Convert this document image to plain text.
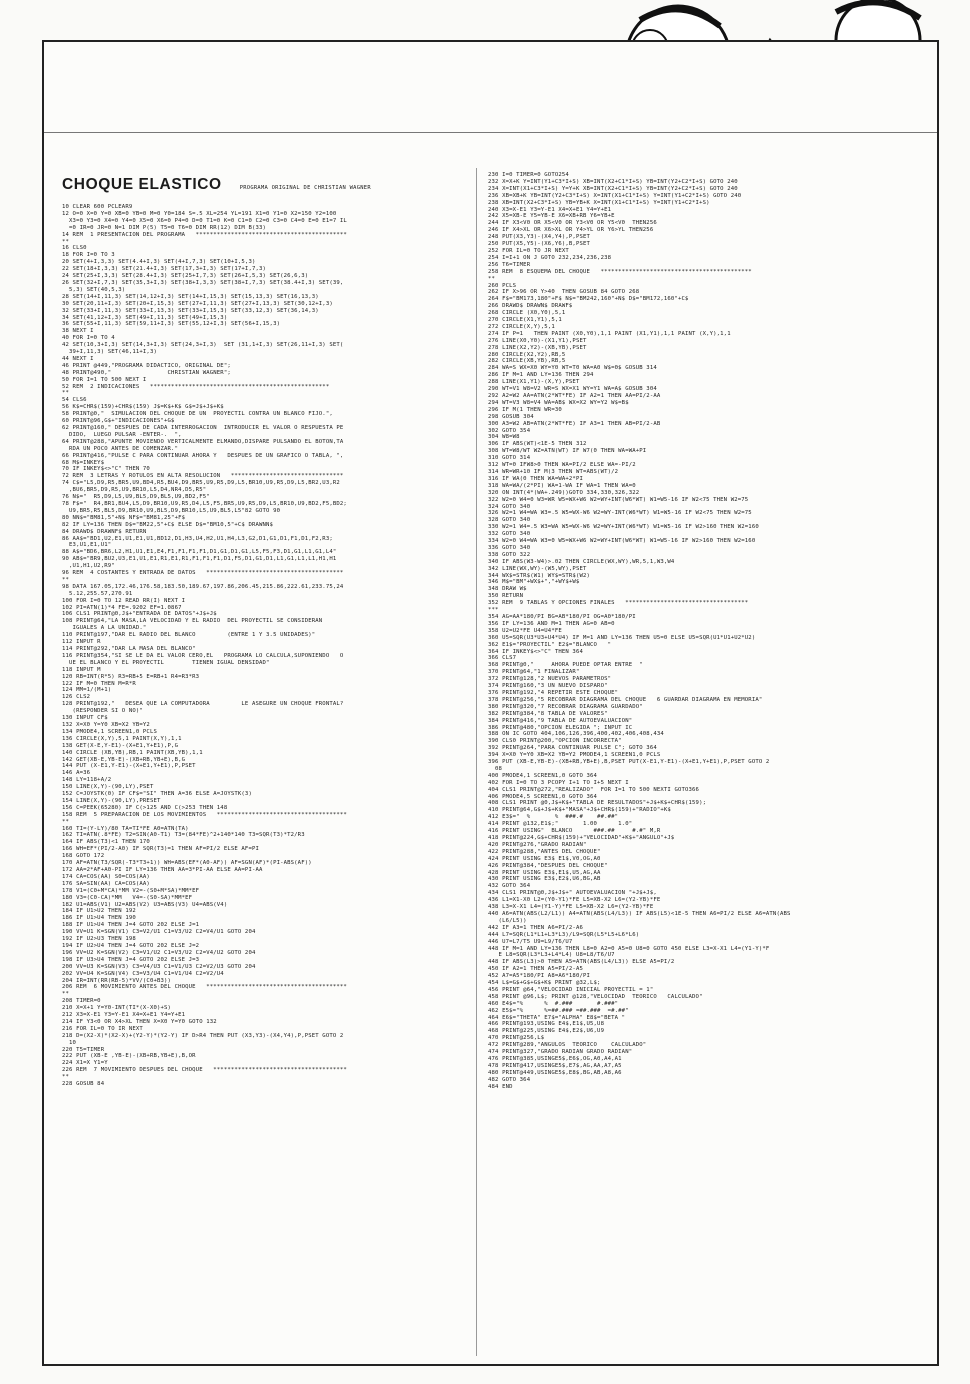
CHOQUE ELASTICO	PROGRAMA ORIGINAL DE CHRISTIAN WAGNER
10 CLEAR 600 PCLEAR9
12 O=0 X=0 Y=0 XB=0 YB=0 M=0 Y0=184 S=.5 XL=254 YL=191 X1=0 Y1=0 X2=150 Y2=100
X3=0 Y3=0 X4=0 Y4=0 X5=0 X6=0 P4=0 D=0 T1=0 K=0 C1=0 C2=0 C3=0 C4=0 E=0 E1=7 IL
=0 IR=0 JR=0 N=1 DIM P(5) T5=0 T6=0 DIM RR(12) DIM B(33)
14 REM  1 PRESENTACION DEL PROGRAMA   *******************************************
**
16 CLS0
18 FOR I=0 TO 3
20 SET(4+I,3,3) SET(4.4+I,3) SET(4+I,7,3) SET(10+I,5,3)
22 SET(18+I,3,3) SET(21.4+I,3) SET(17,3+I,3) SET(17+I,7,3)
24 SET(25+I,3,3) SET(28.4+I,3) SET(25+I,7,3) SET(26+I,5,3) SET(26,6,3)
26 SET(32+I,7,3) SET(35,3+I,3) SET(38+I,3,3) SET(38+I,7,3) SET(38.4+I,3) SET(39,
5,3) SET(40,5,3)
28 SET(14+I,11,3) SET(14,12+I,3) SET(14+I,15,3) SET(15,13,3) SET(16,13,3)
30 SET(20,11+I,3) SET(20+I,15,3) SET(27+I,11,3) SET(27+I,13,3) SET(30,12+I,3)
32 SET(33+I,11,3) SET(33+I,13,3) SET(33+I,15,3) SET(33,12,3) SET(36,14,3)
34 SET(41,12+I,3) SET(49+I,11,3) SET(49+I,15,3)
36 SET(55+I,11,3) SET(59,11+I,3) SET(55,12+I,3) SET(56+I,15,3)
38 NEXT I
40 FOR I=0 TO 4
42 SET(10,3+I,3) SET(14,3+I,3) SET(24,3+I,3)  SET (31,1+I,3) SET(26,11+I,3) SET(
39+I,11,3) SET(46,11+I,3)
44 NEXT I
46 PRINT @449,"PROGRAMA DIDACTICO, ORIGINAL DE";
48 PRINT@490,"                CHRISTIAN WAGNER";
50 FOR I=1 TO 500 NEXT I
52 REM  2 INDICACIONES   ***************************************************
**
54 CLS6
56 K$=CHR$(159)+CHR$(159) J$=K$+K$ G$=J$+J$+K$
58 PRINT@0,"  SIMULACION DEL CHOQUE DE UN  PROYECTIL CONTRA UN BLANCO FIJO.",
60 PRINT@96,G$+"INDICACIONES"+G$
62 PRINT@160," DESPUES DE CADA INTERROGACION  INTRODUCIR EL VALOR O RESPUESTA PE
DIDO,  LUEGO PULSAR -ENTER-.  ",
64 PRINT@288,"APUNTE MOVIENDO VERTICALMENTE ELMANDO,DISPARE PULSANDO EL BOTON,TA
RDA UN POCO ANTES DE COMENZAR."
66 PRINT@416,"PULSE C PARA CONTINUAR AHORA Y   DESPUES DE UN GRAFICO O TABLA, ",
68 M$=INKEY$
70 IF INKEY$<>"C" THEN 70
72 REM  3 LETRAS Y ROTULOS EN ALTA RESOLUCION   ********************************
74 C$="L5,D9,R5,BR5,U9,BD4,R5,BU4,D9,BR5,U9,R5,D9,L5,BR10,U9,R5,D9,L5,BR2,U3,R2
,BU6,BR5,D9,R5,U9,BR10,L5,D4,NR4,D5,R5"
76 N$="  R5,D9,L5,U9,BL5,D9,BL5,U9,BD2,F5"
78 F$="  R4,BR1,BU4,L5,D9,BR10,U9,R5,D4,L5,F5,BR5,U9,R5,D9,L5,BR10,U9,BD2,F5,BD2;
U9,BR5,R5,BL5,D9,BR10,U9,BL5,D9,BR10,L5,U9,BL5,L5"82 GOTO 90
80 NN$="BM81,5"+N$ NF$="BM81,25"+F$
82 IF LY=136 THEN D$="BM22,5"+C$ ELSE D$="BM10,5"+C$ DRAWNN$
84 DRAWD$ DRAWNF$ RETURN
86 AA$="BD1,U2,E1,U1,E1,U1,BD12,D1,H3,U4,H2,U1,H4,L3,G2,D1,G1,D1,F1,D1,F2,R3;
E3,U1,E1,U1"
88 A$="BD6,BR6,L2,H1,U1,E1,E4,F1,F1,F1,F1,D1,G1,D1,G1,L5,F5,F3,D1,G1,L1,G1,L4"
90 AB$="BR9,BU2,U3,E1,U1,E1,R1,E1,R1,F1,F1,F1,D1,F5,D1,G1,D1,L1,G1,L1,L1,H1,H1
,U1,H1,U2,R9"
96 REM  4 COSTANTES Y ENTRADA DE DATOS   ***************************************
**
98 DATA 167.05,172.46,176.58,183.50,189.67,197.86,206.45,215.86,222.61,233.75,24
5.12,255.57,270.91
100 FOR I=0 TO 12 READ RR(I) NEXT I
102 PI=ATN(1)*4 FE=.9202 EF=1.0867
106 CLS1 PRINT@0,J$+"ENTRADA DE DATOS"+J$+J$
108 PRINT@64,"LA MASA,LA VELOCIDAD Y EL RADIO  DEL PROYECTIL SE CONSIDERAN
IGUALES A LA UNIDAD."
110 PRINT@197,"DAR EL RADIO DEL BLANCO         (ENTRE 1 Y 3.5 UNIDADES)"
112 INPUT R
114 PRINT@292,"DAR LA MASA DEL BLANCO"
116 PRINT@354,"SI SE LE DA EL VALOR CERO,EL   PROGRAMA LO CALCULA,SUPONIENDO   O
UE EL BLANCO Y EL PROYECTIL        TIENEN IGUAL DENSIDAD"
118 INPUT M
120 RB=INT(R*5) R3=RB+5 E=RB+1 R4=R3*R3
122 IF M=0 THEN M=R*R
124 MM=1/(M+1)
126 CLS2
128 PRINT@192,"   DESEA QUE LA COMPUTADORA         LE ASEGURE UN CHOQUE FRONTAL?
(RESPONDER SI O NO)"
130 INPUT CF$
132 X=X0 Y=Y0 XB=X2 YB=Y2
134 PMODE4,1 SCREEN1,0 PCLS
136 CIRCLE(X,Y),5,1 PAINT(X,Y),1,1
138 GET(X-E,Y-E1)-(X+E1,Y+E1),P,G
140 CIRCLE (XB,YB),RB,1 PAINT(XB,YB),1,1
142 GET(XB-E,YB-E)-(XB+RB,YB+E),B,G
144 PUT (X-E1,Y-E1)-(X+E1,Y+E1),P,PSET
146 A=36
148 LY=118+A/2
150 LINE(X,Y)-(90,LY),PSET
152 C=JOYSTK(0) IF CF$="SI" THEN A=36 ELSE A=JOYSTK(3)
154 LINE(X,Y)-(90,LY),PRESET
156 C=PEEK(65280) IF C(>125 AND C(>253 THEN 148
158 REM  5 PREPARACION DE LOS MOVIMIENTOS   *************************************
**
160 TI=(Y-LY)/80 TA=TI*FE A0=ATN(TA)
162 TI=ATN(.8*FE) T2=SIN(A0-T1) T3=(84*FE)^2+140*140 T3=SQR(T3)*T2/R3
164 IF ABS(T3)<1 THEN 170
166 WH=EF*(PI/2-A0) IF SQR(T3)=1 THEN AF=PI/2 ELSE AF=PI
168 GOTO 172
170 AF=ATN(T3/SQR(-T3*T3+1)) WH=ABS(EF*(A0-AF)) AF=SGN(AF)*(PI-ABS(AF))
172 AA=2*AF+A0-PI IF LY=136 THEN AA=3*PI-AA ELSE AA=PI-AA
174 CA=COS(AA) S0=COS(AA)
176 SA=SIN(AA) CA=COS(AA)
178 V1=(C0+M*CA)*MM V2=-(S0+M*SA)*MM*EF
180 V3=(C0-CA)*MM   V4=-(S0-SA)*MM*EF
182 U1=ABS(V1) U2=ABS(V2) U3=ABS(V3) U4=ABS(V4)
184 IF U1>U2 THEN 192
186 IF U1>U4 THEN 190
188 IF U1>U4 THEN J=4 GOTO 202 ELSE J=1
190 VV=U1 K=SGN(V1) C3=V2/U1 C1=V3/U2 C2=V4/U1 GOTO 204
192 IF U2>U3 THEN 198
194 IF U2>U4 THEN J=4 GOTO 202 ELSE J=2
196 VV=U2 K=SGN(V2) C3=V1/U2 C1=V3/U2 C2=V4/U2 GOTO 204
198 IF U3>U4 THEN J=4 GOTO 202 ELSE J=3
200 VV=U3 K=SGN(V3) C3=V4/U3 C1=V1/U3 C2=V2/U3 GOTO 204
202 VV=U4 K=SGN(V4) C3=V3/U4 C1=V1/U4 C2=V2/U4
204 IR=INT(RR(RB-5)*VV/(C0+B3))
206 REM  6 MOVIMIENTO ANTES DEL CHOQUE   ****************************************
**
208 TIMER=0
210 X=X+1 Y=Y0-INT(TI*(X-X0)+S)
212 X3=X-E1 Y3=Y-E1 X4=X+E1 Y4=Y+E1
214 IF Y3<0 OR X4>XL THEN X=X0 Y=Y0 GOTO 132
216 FOR IL=0 TO IR NEXT
218 D=(X2-X)*(X2-X)+(Y2-Y)*(Y2-Y) IF D>R4 THEN PUT (X3,Y3)-(X4,Y4),P,PSET GOTO 2
10
220 T5=TIMER
222 PUT (XB-E ,YB-E)-(XB+RB,YB+E),B,OR
224 X1=X Y1=Y
226 REM  7 MOVIMIENTO DESPUES DEL CHOQUE   **************************************
**
228 GOSUB 84
230 I=0 TIMER=0 GOTO254
232 X=X+K Y=INT(Y1+C3*I+S) XB=INT(X2+C1*I+S) YB=INT(Y2+C2*I+S) GOTO 240
234 X=INT(X1+C3*I+S) Y=Y+K XB=INT(X2+C1*I+S) YB=INT(Y2+C2*I+S) GOTO 240
236 XB=XB+K YB=INT(Y2+C3*I+S) X=INT(X1+C1*I+S) Y=INT(Y1+C2*I+S) GOTO 240
238 XB=INT(X2+C3*I+S) YB=YB+K X=INT(X1+C1*I+S) Y=INT(Y1+C2*I+S)
240 X3=X-E1 Y3=Y-E1 X4=X+E1 Y4=Y+E1
242 X5=XB-E Y5=YB-E X6=XB+RB Y6=YB+E
244 IF X3<V0 OR X5<V0 OR Y3<V0 OR Y5<V0  THEN256
246 IF X4>XL OR X6>XL OR Y4>YL OR Y6>YL THEN256
248 PUT(X3,Y3)-(X4,Y4),P,PSET
250 PUT(X5,Y5)-(X6,Y6),B,PSET
252 FOR IL=0 TO JR NEXT
254 I=I+1 ON J GOTO 232,234,236,238
256 T6=TIMER
258 REM  8 ESQUEMA DEL CHOQUE   *******************************************
**
260 PCLS
262 IF X>96 OR Y>40  THEN GOSUB 84 GOTO 268
264 F$="BM173,180"+F$ N$="BM242,160"+N$ D$="BM172,160"+C$
266 DRAWD$ DRAWN$ DRAWF$
268 CIRCLE (X0,Y0),5,1
270 CIRCLE(X1,Y1),5,1
272 CIRCLE(X,Y),5,1
274 IF P=1   THEN PAINT (X0,Y0),1,1 PAINT (X1,Y1),1,1 PAINT (X,Y),1,1
276 LINE(X0,Y0)-(X1,Y1),PSET
278 LINE(X2,Y2)-(XB,YB),PSET
280 CIRCLE(X2,Y2),RB,5
282 CIRCLE(XB,YB),RB,5
284 WA=S WX=X0 WY=Y0 WT=T0 WA=A0 W$=0$ GOSUB 314
286 IF M=1 AND LY=136 THEN 294
288 LINE(X1,Y1)-(X,Y),PSET
290 WT=V1 W8=V2 WR=S WX=X1 WY=Y1 WA=A$ GOSUB 304
292 A2=W2 AA=ATN(2*WT*FE) IF A2=1 THEN AA=PI/2-AA
294 WT=V3 W8=V4 WA=AB$ WX=X2 WY=Y2 W$=B$
296 IF M(1 THEN WR=30
298 GOSUB 304
300 A3=W2 AB=ATN(2*WT*FE) IF A3=1 THEN AB=PI/2-AB
302 GOTO 354
304 W8=W8
306 IF ABS(WT)<1E-5 THEN 312
308 WT=W8/WT WZ=ATN(WT) IF W7(0 THEN WA=WA+PI
310 GOTO 314
312 WT=0 IFW8>0 THEN WA=PI/2 ELSE WA=-PI/2
314 WR=WR+10 IF M(3 THEN WT=ABS(WT)/2
316 IF WA(0 THEN WA=WA+2*PI
318 WA=WA/(2*PI) WA=1-WA IF WA=1 THEN WA=0
320 ON INT(4*(WA+.249))GOTO 334,330,326,322
322 W2=0 W4=0 W3=WR W5=WX+W6 W2=WY+INT(W6*WT) W1=W5-16 IF W2<75 THEN W2=75
324 GOTO 340
326 W2=1 W4=WA W3=.5 W5=WX-W6 W2=WY-INT(W6*WT) W1=W5-16 IF W2<75 THEN W2=75
328 GOTO 340
330 W2=1 W4=.5 W3=WA W5=WX-W6 W2=WY+INT(W6*WT) W1=W5-16 IF W2>160 THEN W2=160
332 GOTO 340
334 W2=0 W4=WA W3=0 W5=WX+W6 W2=WY+INT(W6*WT) W1=W5-16 IF W2>160 THEN W2=160
336 GOTO 340
338 GOTO 322
340 IF ABS(W3-W4)>.02 THEN CIRCLE(WX,WY),WR,5,1,W3,W4
342 LINE(WX,WY)-(W5,WY),PSET
344 WX$=STR$(W1) WY$=STR$(W2)
346 M$="BM"+WX$+","+WY$+W$
348 DRAW W$
350 RETURN
352 REM  9 TABLAS Y OPCIONES FINALES   ***********************************
***
354 AG=AA*180/PI BG=AB*180/PI OG=A0*180/PI
356 IF LY=136 AND M=1 THEN AG=0 AB=0
358 U2=U2*FE U4=U4*FE
360 U5=SQR(U3*U3+U4*U4) IF M=1 AND LY=136 THEN U5=0 ELSE U5=SQR(U1*U1+U2*U2)
362 E1$="PROYECTIL" E2$="BLANCO   "
364 IF INKEY$<>"C" THEN 364
366 CLS7
368 PRINT@0,"     AHORA PUEDE OPTAR ENTRE  "
370 PRINT@64,"1 FINALIZAR"
372 PRINT@128,"2 NUEVOS PARAMETROS"
374 PRINT@160,"3 UN NUEVO DISPARO"
376 PRINT@192,"4 REPETIR ESTE CHOQUE"
378 PRINT@256,"5 RECOBRAR DIAGRAMA DEL CHOQUE   6 GUARDAR DIAGRAMA EN MEMORIA"
380 PRINT@320,"7 RECOBRAR DIAGRAMA GUARDADO"
382 PRINT@384,"8 TABLA DE VALORES"
384 PRINT@416,"9 TABLA DE AUTOEVALUACION"
386 PRINT@480,"OPCION ELEGIDA "; INPUT IC
388 ON IC GOTO 404,106,126,396,400,402,406,408,434
390 CLS0 PRINT@200,"OPCION INCORRECTA"
392 PRINT@264,"PARA CONTINUAR PULSE C"; GOTO 364
394 X=X0 Y=Y0 XB=X2 YB=Y2 PMODE4,1 SCREEN1,0 PCLS
396 PUT (XB-E,YB-E)-(XB+RB,YB+E),B,PSET PUT(X-E1,Y-E1)-(X+E1,Y+E1),P,PSET GOTO 2
08
400 PMODE4,1 SCREEN1,0 GOTO 364
402 FOR I=0 TO 3 PCOPY I+1 TO I+5 NEXT I
404 CLS1 PRINT@272,"REALIZADO"  FOR I=1 TO 500 NEXTI GOTO366
406 PMODE4,5 SCREEN1,0 GOTO 364
408 CLS1 PRINT @0,J$+K$+"TABLA DE RESULTADOS"+J$+K$+CHR$(159);
410 PRINT@64,G$+J$+K$+"MASA"+J$+CHR$(159)+"RADIO"+K$
412 E3$="  %       %  ###.#    ##.##"
414 PRINT @132,E1$;"       1.00      1.0"
416 PRINT USING"  BLANCO      ###.##     #.#" M,R
418 PRINT@224,G$+CHR$(159)+"VELOCIDAD"+K$+"ANGULO"+J$
420 PRINT@276,"GRADO RADIAN"
422 PRINT@288,"ANTES DEL CHOQUE"
424 PRINT USING E3$ E1$,V0,OG,A0
426 PRINT@384,"DESPUES DEL CHOQUE"
428 PRINT USING E3$,E1$,U5,AG,AA
430 PRINT USING E3$,E2$,U6,BG,AB
432 GOTO 364
434 CLS1 PRINT@0,J$+J$+" AUTOEVALUACION "+J$+J$,
436 L1=X1-X0 L2=(Y0-Y1)*FE L5=XB-X2 L6=(Y2-YB)*FE
438 L3=X-X1 L4=(Y1-Y)*FE L5=XB-X2 L6=(Y2-YB)*FE
440 A6=ATN(ABS(L2/L1)) A4=ATN(ABS(L4/L3)) IF ABS(L5)<1E-5 THEN A6=PI/2 ELSE A6=ATN(ABS
(L6/L5))
442 IF A3=1 THEN A6=PI/2-A6
444 L7=SQR(L1*L1+L3*L3)/L9=SQR(L5*L5+L6*L6)
446 U7=L7/T5 U9=L9/T6/U7
448 IF M=1 AND LY=136 THEN L8=0 A2=0 A5=0 U8=0 GOTO 450 ELSE L3=X-X1 L4=(Y1-Y)*F
E L8=SQR(L3*L3+L4*L4) U8=L8/T6/U7
448 IF ABS(L3)>0 THEN A5=ATN(ABS(L4/L3)) ELSE A5=PI/2
450 IF A2=1 THEN A5=PI/2-A5
452 A7=A5*180/PI A8=A6*180/PI
454 L$=G$+G$+G$+K$ PRINT @32,L$;
456 PRINT @64,"VELOCIDAD INICIAL PROYECTIL = 1"
458 PRINT @96,L$; PRINT @128,"VELOCIDAD  TEORICO   CALCULADO"
460 E4$="%      %  #.###       #.###"
462 E5$="%      %=##.### =##.###  =#.##"
464 E6$="THETA" E7$="ALPHA" E8$="BETA "
466 PRINT@193,USING E4$,E1$,U5,U8
468 PRINT@225,USING E4$,E2$,U6,U9
470 PRINT@256,L$
472 PRINT@289,"ANGULOS  TEORICO    CALCULADO"
474 PRINT@327,"GRADO RADIAN GRADO RADIAN"
476 PRINT@385,USINGE5$,E6$,OG,A0,A4,A1
478 PRINT@417,USINGE5$,E7$,AG,AA,A7,A5
480 PRINT@449,USINGE5$,E8$,BG,AB,A8,A6
482 GOTO 364
484 END
